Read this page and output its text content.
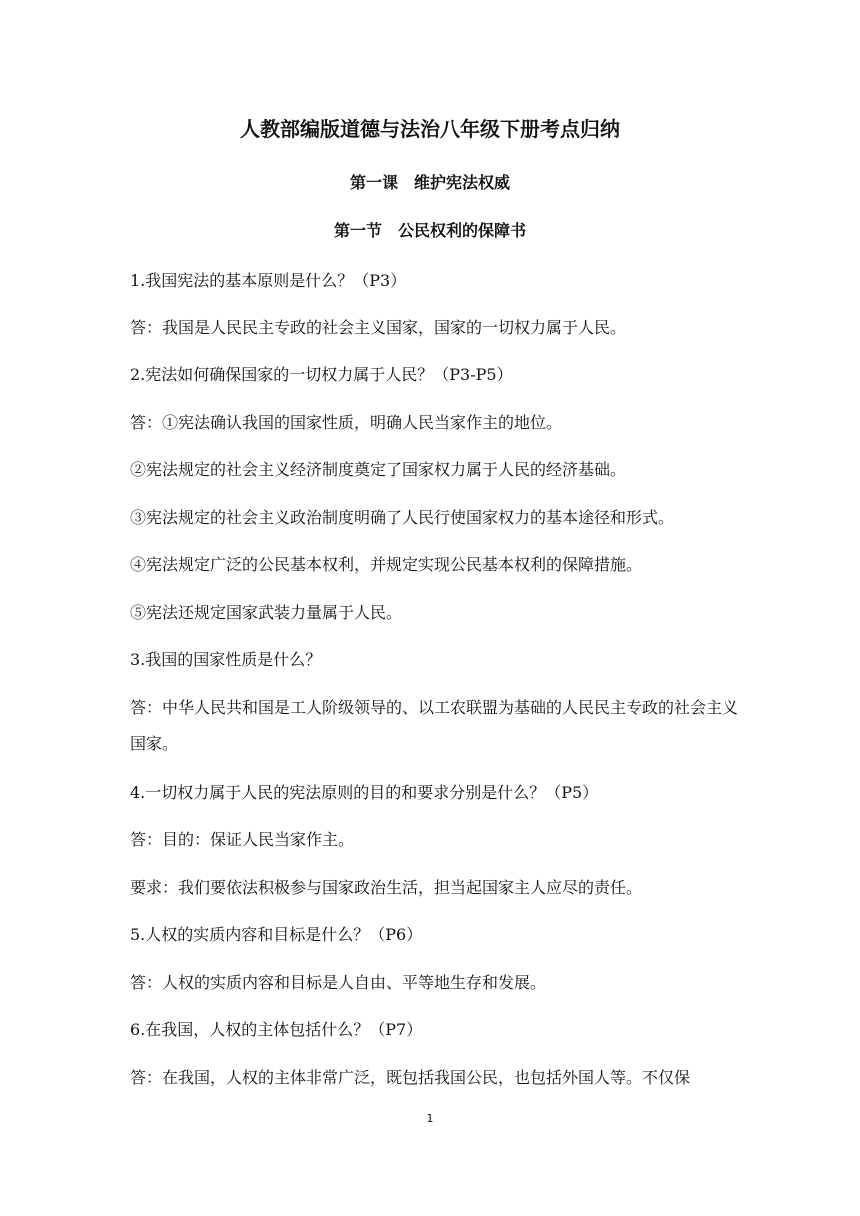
人教部编版道德与法治八年级下册考点归纳
第一课　维护宪法权威
第一节　公民权利的保障书
1.我国宪法的基本原则是什么？（P3）
答：我国是人民民主专政的社会主义国家，国家的一切权力属于人民。
2.宪法如何确保国家的一切权力属于人民？（P3-P5）
答：①宪法确认我国的国家性质，明确人民当家作主的地位。
②宪法规定的社会主义经济制度奠定了国家权力属于人民的经济基础。
③宪法规定的社会主义政治制度明确了人民行使国家权力的基本途径和形式。
④宪法规定广泛的公民基本权利，并规定实现公民基本权利的保障措施。
⑤宪法还规定国家武装力量属于人民。
3.我国的国家性质是什么？
答：中华人民共和国是工人阶级领导的、以工农联盟为基础的人民民主专政的社会主义国家。
4.一切权力属于人民的宪法原则的目的和要求分别是什么？（P5）
答：目的：保证人民当家作主。
要求：我们要依法积极参与国家政治生活，担当起国家主人应尽的责任。
5.人权的实质内容和目标是什么？（P6）
答：人权的实质内容和目标是人自由、平等地生存和发展。
6.在我国，人权的主体包括什么？（P7）
答：在我国，人权的主体非常广泛，既包括我国公民，也包括外国人等。不仅保
1
